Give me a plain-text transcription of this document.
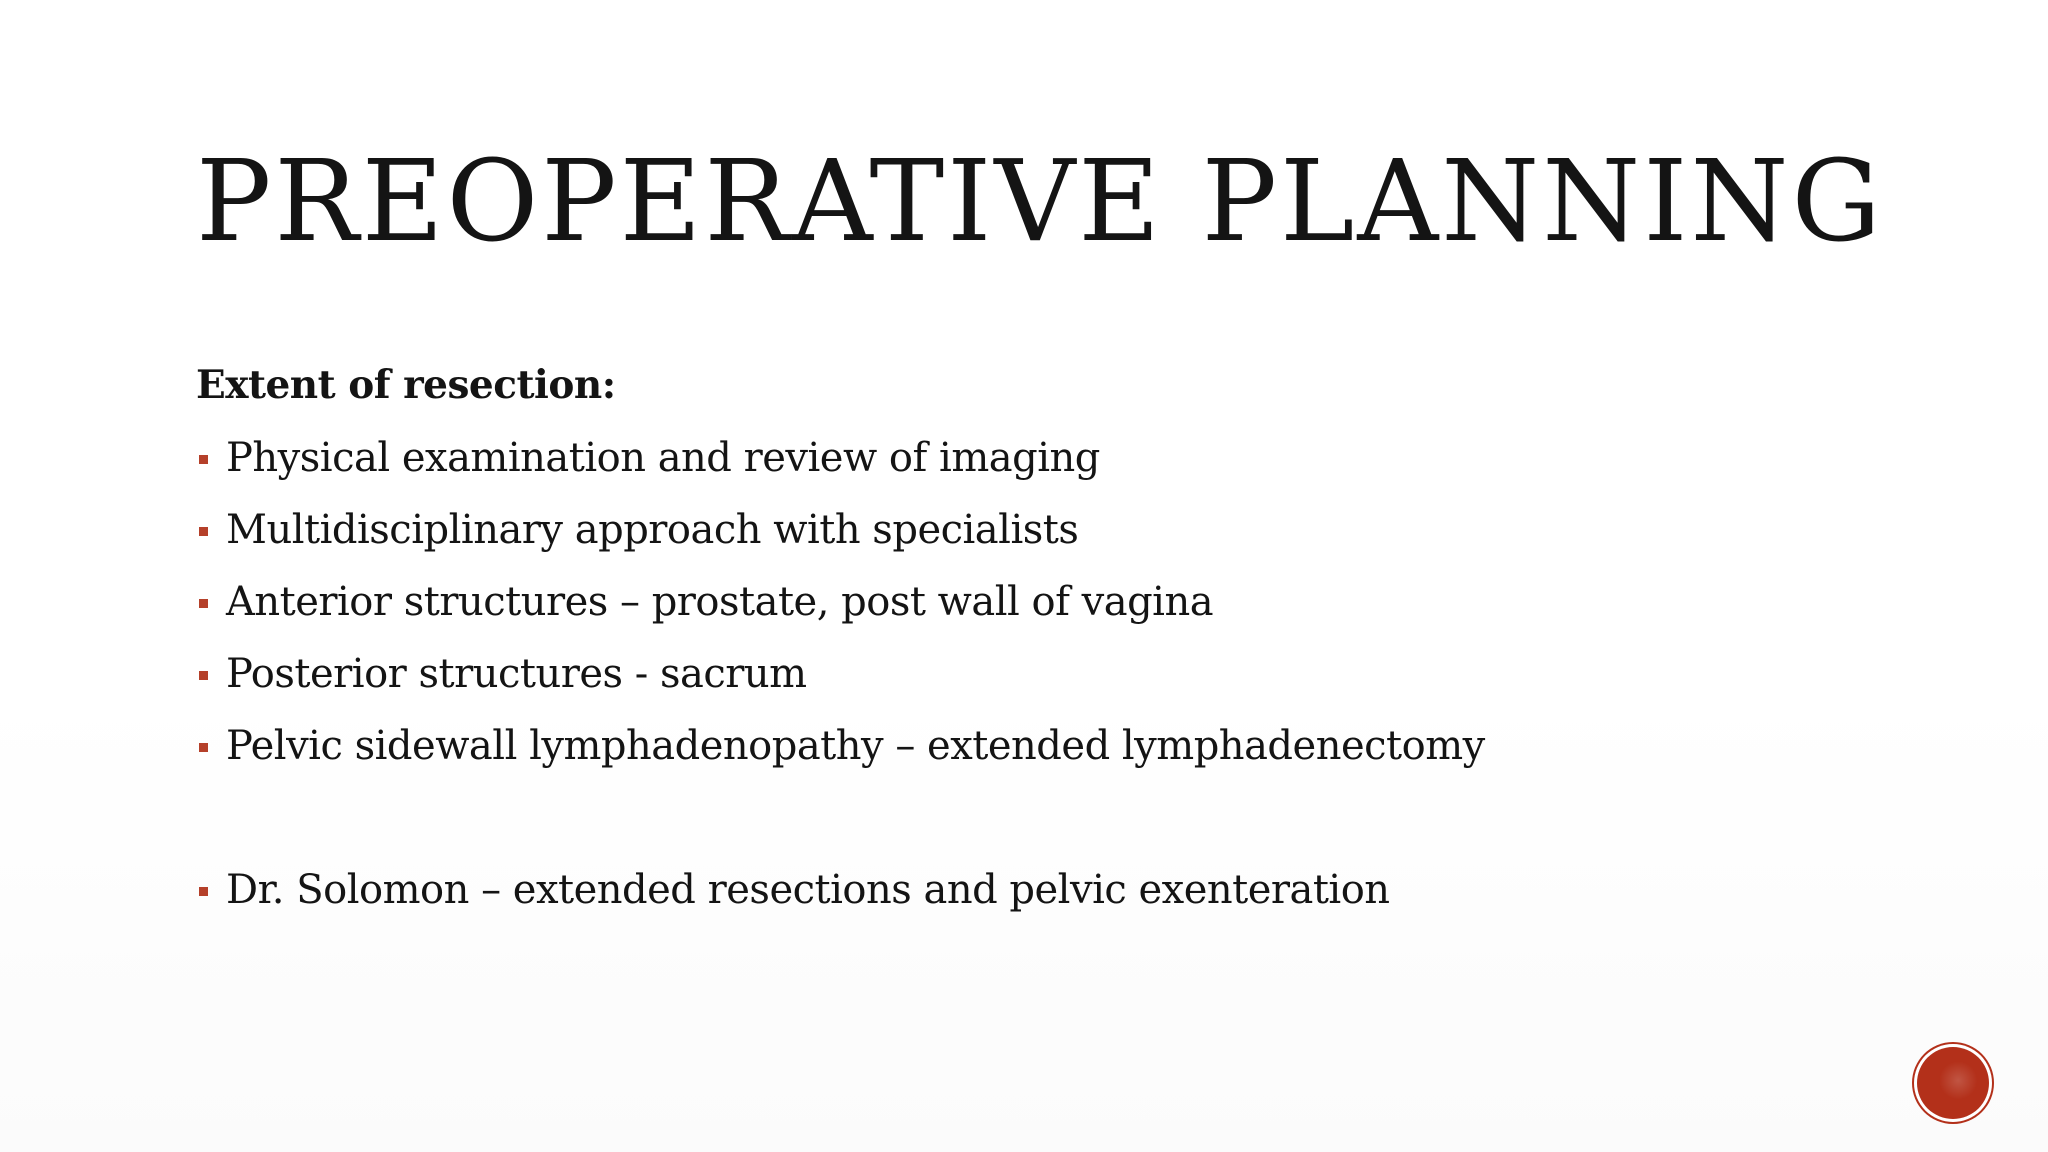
PREOPERATIVE PLANNING

Extent of resection:

Physical examination and review of imaging
Multidisciplinary approach with specialists
Anterior structures – prostate, post wall of vagina
Posterior structures - sacrum
Pelvic sidewall lymphadenopathy – extended lymphadenectomy
Dr. Solomon – extended resections and pelvic exenteration
